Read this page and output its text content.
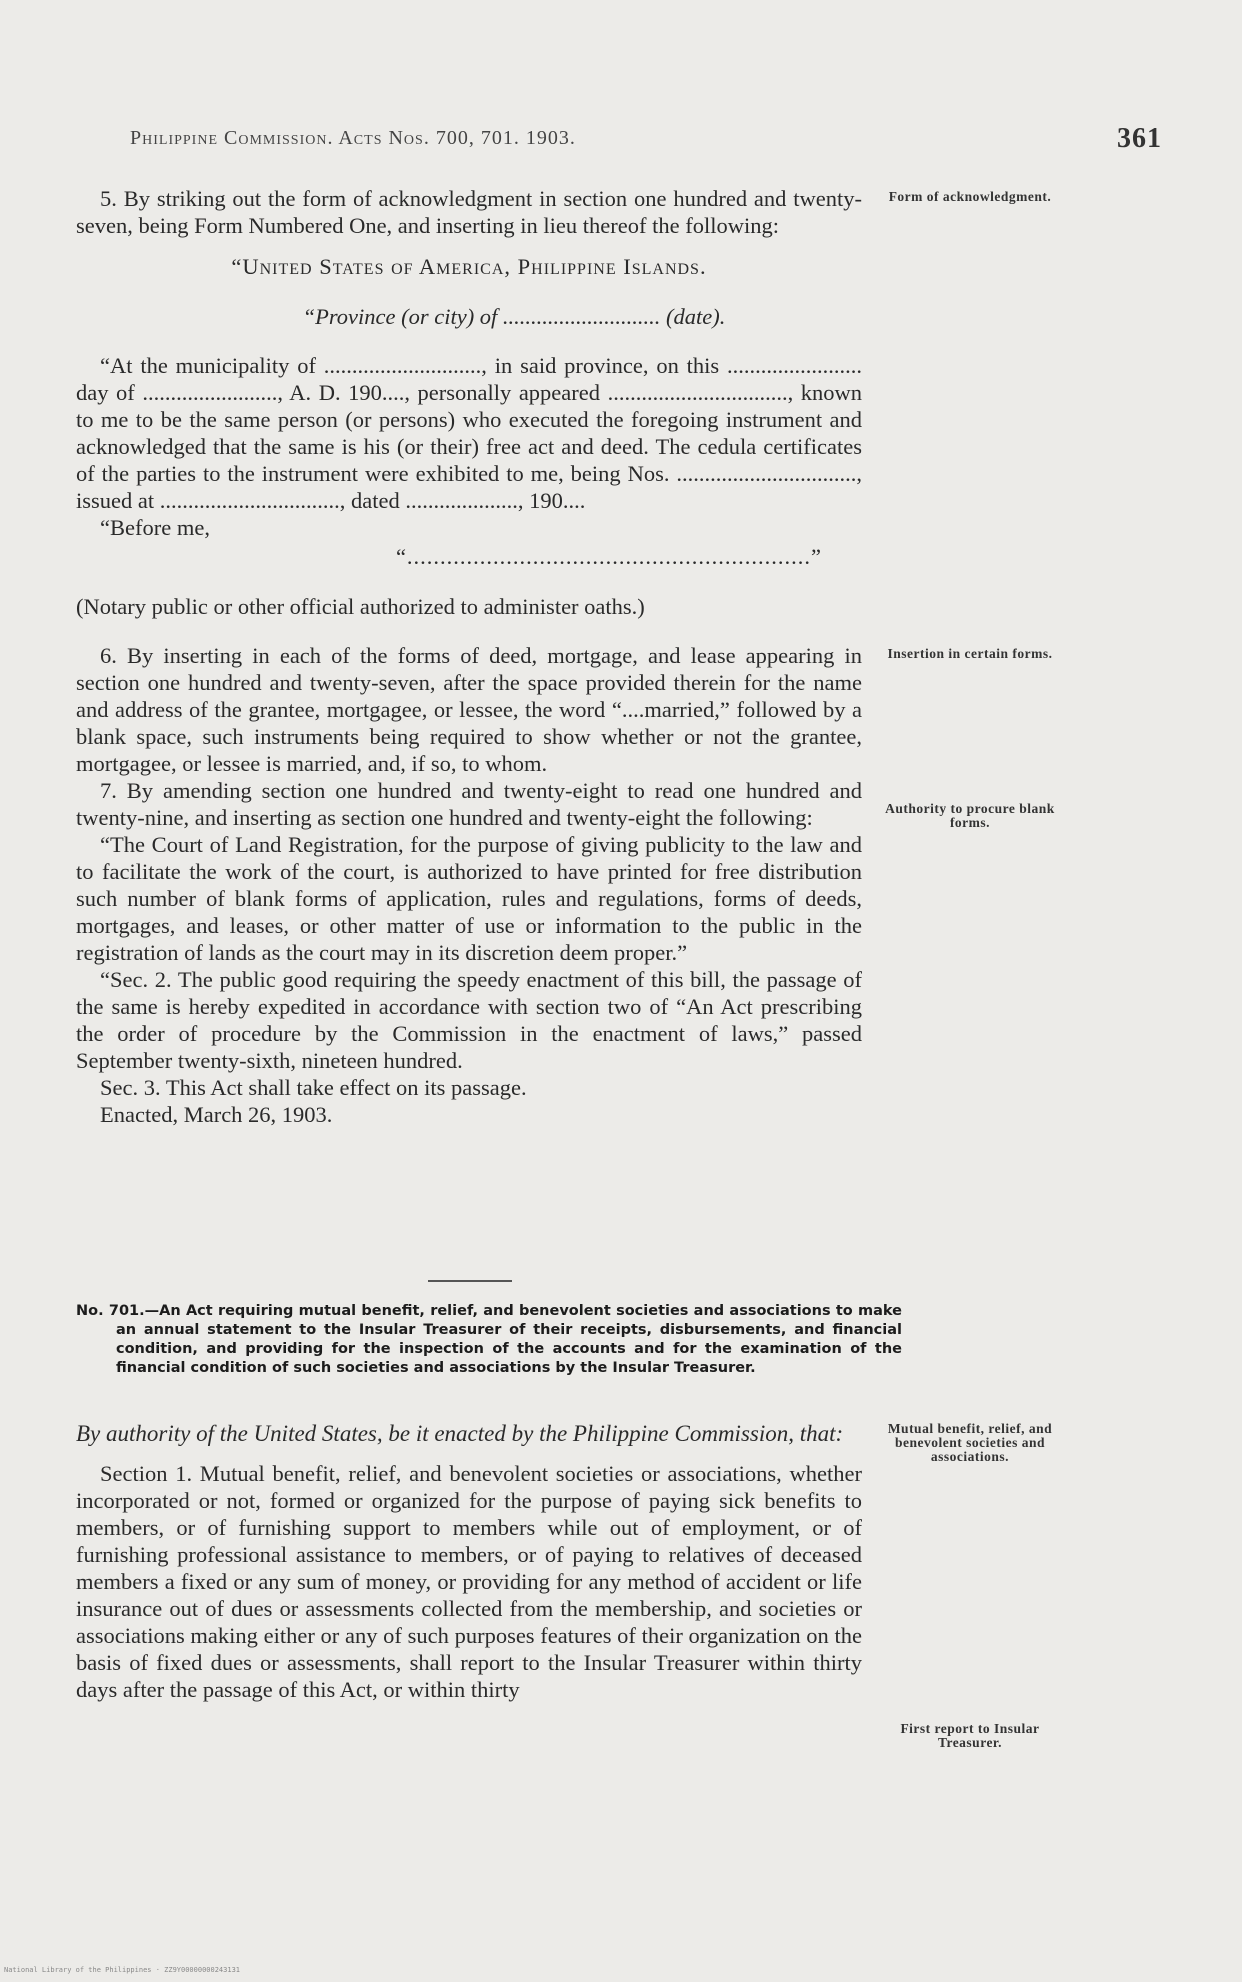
Philippine Commission. Acts Nos. 700, 701. 1903.	361

5. By striking out the form of acknowledgment in section one hundred and twenty-seven, being Form Numbered One, and inserting in lieu thereof the following:

“United States of America, Philippine Islands.

“Province (or city) of ............................ (date).

“At the municipality of ............................, in said province, on this ........................ day of ........................, A. D. 190...., personally appeared ................................, known to me to be the same person (or persons) who executed the foregoing instrument and acknowledged that the same is his (or their) free act and deed. The cedula certificates of the parties to the instrument were exhibited to me, being Nos. ................................, issued at ................................, dated ...................., 190....

“Before me,

“.............................................................”

(Notary public or other official authorized to administer oaths.)

6. By inserting in each of the forms of deed, mortgage, and lease appearing in section one hundred and twenty-seven, after the space provided therein for the name and address of the grantee, mortgagee, or lessee, the word “....married,” followed by a blank space, such instruments being required to show whether or not the grantee, mortgagee, or lessee is married, and, if so, to whom.

7. By amending section one hundred and twenty-eight to read one hundred and twenty-nine, and inserting as section one hundred and twenty-eight the following:

“The Court of Land Registration, for the purpose of giving publicity to the law and to facilitate the work of the court, is authorized to have printed for free distribution such number of blank forms of application, rules and regulations, forms of deeds, mortgages, and leases, or other matter of use or information to the public in the registration of lands as the court may in its discretion deem proper.”

“Sec. 2. The public good requiring the speedy enactment of this bill, the passage of the same is hereby expedited in accordance with section two of “An Act prescribing the order of procedure by the Commission in the enactment of laws,” passed September twenty-sixth, nineteen hundred.

Sec. 3. This Act shall take effect on its passage.

Enacted, March 26, 1903.

No. 701.—An Act requiring mutual benefit, relief, and benevolent societies and associations to make an annual statement to the Insular Treasurer of their receipts, disbursements, and financial condition, and providing for the inspection of the accounts and for the examination of the financial condition of such societies and associations by the Insular Treasurer.

By authority of the United States, be it enacted by the Philippine Commission, that:

Section 1. Mutual benefit, relief, and benevolent societies or associations, whether incorporated or not, formed or organized for the purpose of paying sick benefits to members, or of furnishing support to members while out of employment, or of furnishing professional assistance to members, or of paying to relatives of deceased members a fixed or any sum of money, or providing for any method of accident or life insurance out of dues or assessments collected from the membership, and societies or associations making either or any of such purposes features of their organization on the basis of fixed dues or assessments, shall report to the Insular Treasurer within thirty days after the passage of this Act, or within thirty

Form of acknowledgment.
Insertion in certain forms.
Authority to procure blank forms.
Mutual benefit, relief, and benevolent societies and associations.
First report to Insular Treasurer.
National Library of the Philippines · ZZ9Y00000000243131
